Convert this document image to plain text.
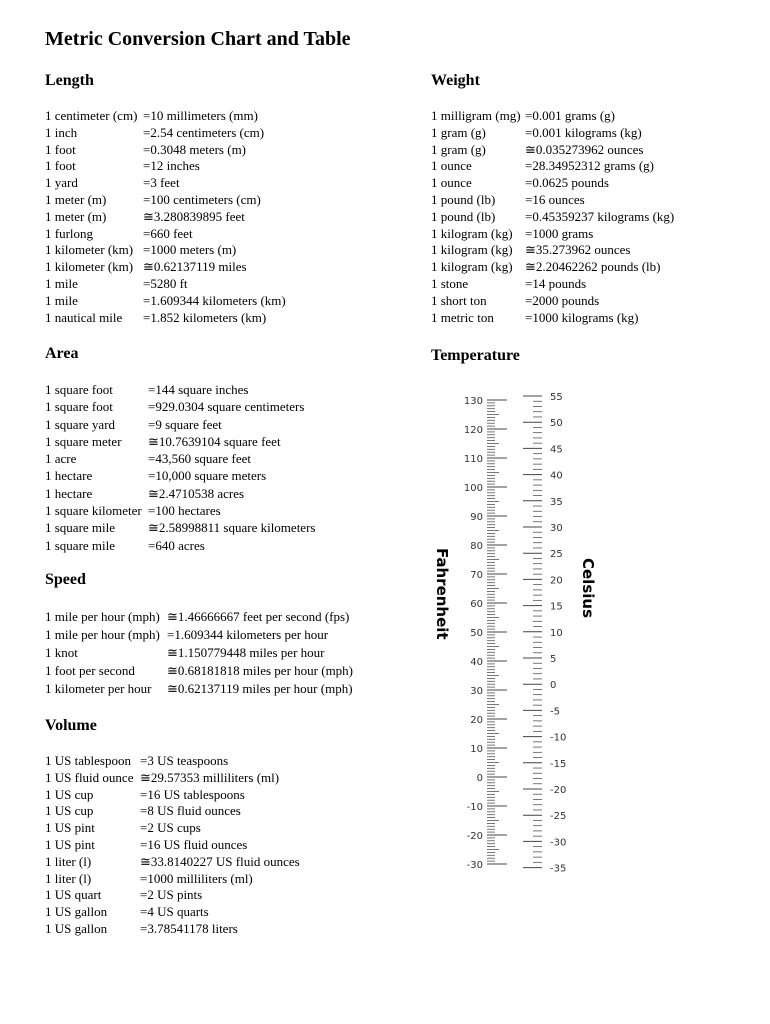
Metric Conversion Chart and Table
Length
1 centimeter (cm) =10 millimeters (mm)
1 inch	=2.54 centimeters (cm)
1 foot	=0.3048 meters (m)
1 foot	=12 inches
1 yard	=3 feet
1 meter (m)	=100 centimeters (cm)
1 meter (m)	≅3.280839895 feet
1 furlong	=660 feet
1 kilometer (km) =1000 meters (m)
1 kilometer (km) ≅0.62137119 miles
1 mile	=5280 ft
1 mile	=1.609344 kilometers (km)
1 nautical mile	=1.852 kilometers (km)
Weight
1 milligram (mg) =0.001 grams (g)
1 gram (g)	=0.001 kilograms (kg)
1 gram (g)	≅0.035273962 ounces
1 ounce	=28.34952312 grams (g)
1 ounce	=0.0625 pounds
1 pound (lb)	=16 ounces
1 pound (lb)	=0.45359237 kilograms (kg)
1 kilogram (kg) =1000 grams
1 kilogram (kg) ≅35.273962 ounces
1 kilogram (kg) ≅2.20462262 pounds (lb)
1 stone	=14 pounds
1 short ton	=2000 pounds
1 metric ton	=1000 kilograms (kg)
Area
1 square foot	=144 square inches
1 square foot	=929.0304 square centimeters
1 square yard	=9 square feet
1 square meter	≅10.7639104 square feet
1 acre	=43,560 square feet
1 hectare	=10,000 square meters
1 hectare	≅2.4710538 acres
1 square kilometer =100 hectares
1 square mile	≅2.58998811 square kilometers
1 square mile	=640 acres
Speed
1 mile per hour (mph) ≅1.46666667 feet per second (fps)
1 mile per hour (mph) =1.609344 kilometers per hour
1 knot	≅1.150779448 miles per hour
1 foot per second	≅0.68181818 miles per hour (mph)
1 kilometer per hour	≅0.62137119 miles per hour (mph)
Volume
1 US tablespoon =3 US teaspoons
1 US fluid ounce ≅29.57353 milliliters (ml)
1 US cup	=16 US tablespoons
1 US cup	=8 US fluid ounces
1 US pint	=2 US cups
1 US pint	=16 US fluid ounces
1 liter (l)	≅33.8140227 US fluid ounces
1 liter (l)	=1000 milliliters (ml)
1 US quart	=2 US pints
1 US gallon	=4 US quarts
1 US gallon	=3.78541178 liters
Temperature
130
120
110
100
90
80
70
60
50
40
30
20
10
0
-10
-20
-30
55
50
45
40
35
30
25
20
15
10
5
0
-5
-10
-15
-20
-25
-30
-35
Fahrenheit	Celsius
